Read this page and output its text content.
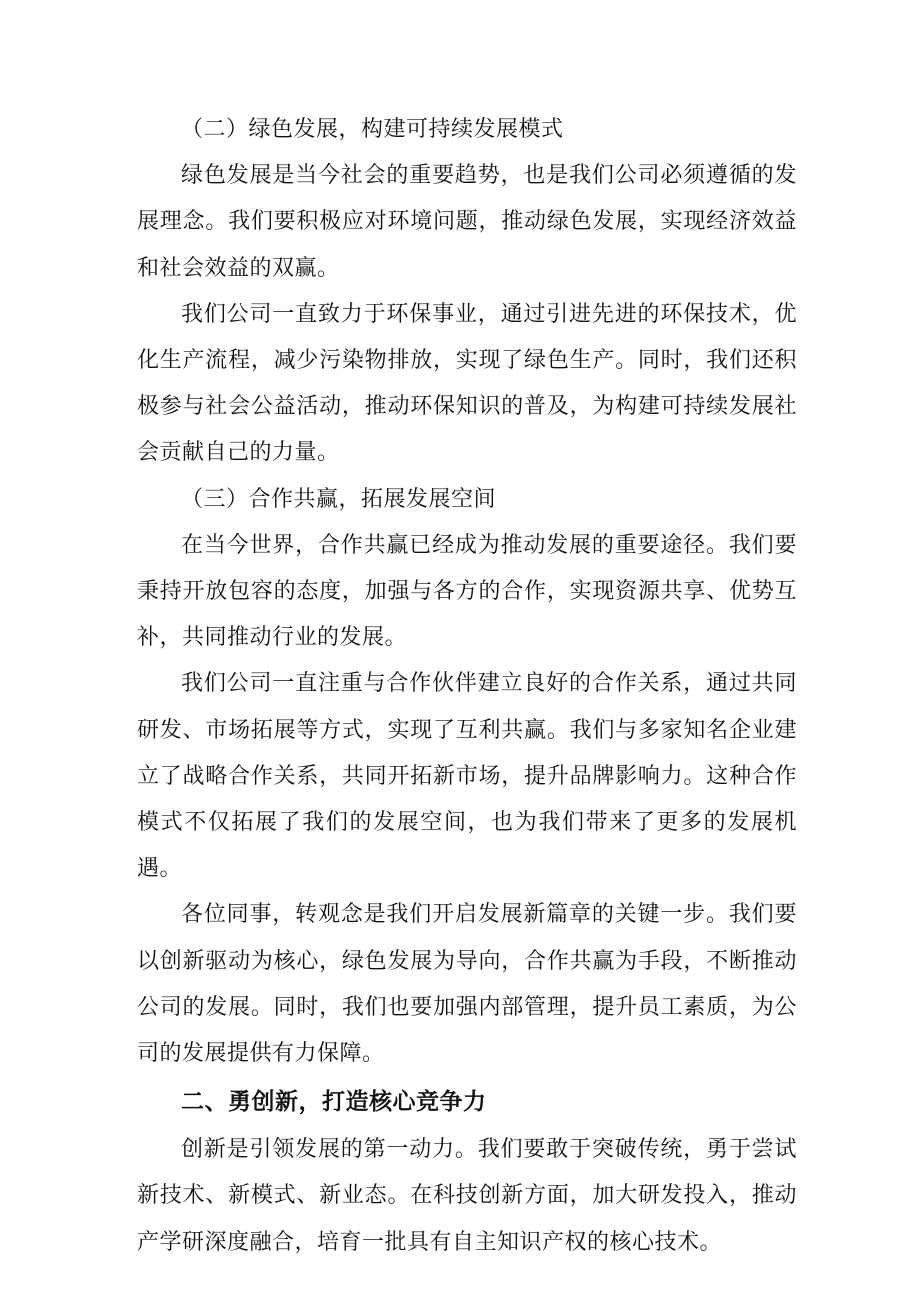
（二）绿色发展，构建可持续发展模式

绿色发展是当今社会的重要趋势，也是我们公司必须遵循的发展理念。我们要积极应对环境问题，推动绿色发展，实现经济效益和社会效益的双赢。

我们公司一直致力于环保事业，通过引进先进的环保技术，优化生产流程，减少污染物排放，实现了绿色生产。同时，我们还积极参与社会公益活动，推动环保知识的普及，为构建可持续发展社会贡献自己的力量。

（三）合作共赢，拓展发展空间

在当今世界，合作共赢已经成为推动发展的重要途径。我们要秉持开放包容的态度，加强与各方的合作，实现资源共享、优势互补，共同推动行业的发展。

我们公司一直注重与合作伙伴建立良好的合作关系，通过共同研发、市场拓展等方式，实现了互利共赢。我们与多家知名企业建立了战略合作关系，共同开拓新市场，提升品牌影响力。这种合作模式不仅拓展了我们的发展空间，也为我们带来了更多的发展机遇。

各位同事，转观念是我们开启发展新篇章的关键一步。我们要以创新驱动为核心，绿色发展为导向，合作共赢为手段，不断推动公司的发展。同时，我们也要加强内部管理，提升员工素质，为公司的发展提供有力保障。

二、勇创新，打造核心竞争力

创新是引领发展的第一动力。我们要敢于突破传统，勇于尝试新技术、新模式、新业态。在科技创新方面，加大研发投入，推动产学研深度融合，培育一批具有自主知识产权的核心技术。
